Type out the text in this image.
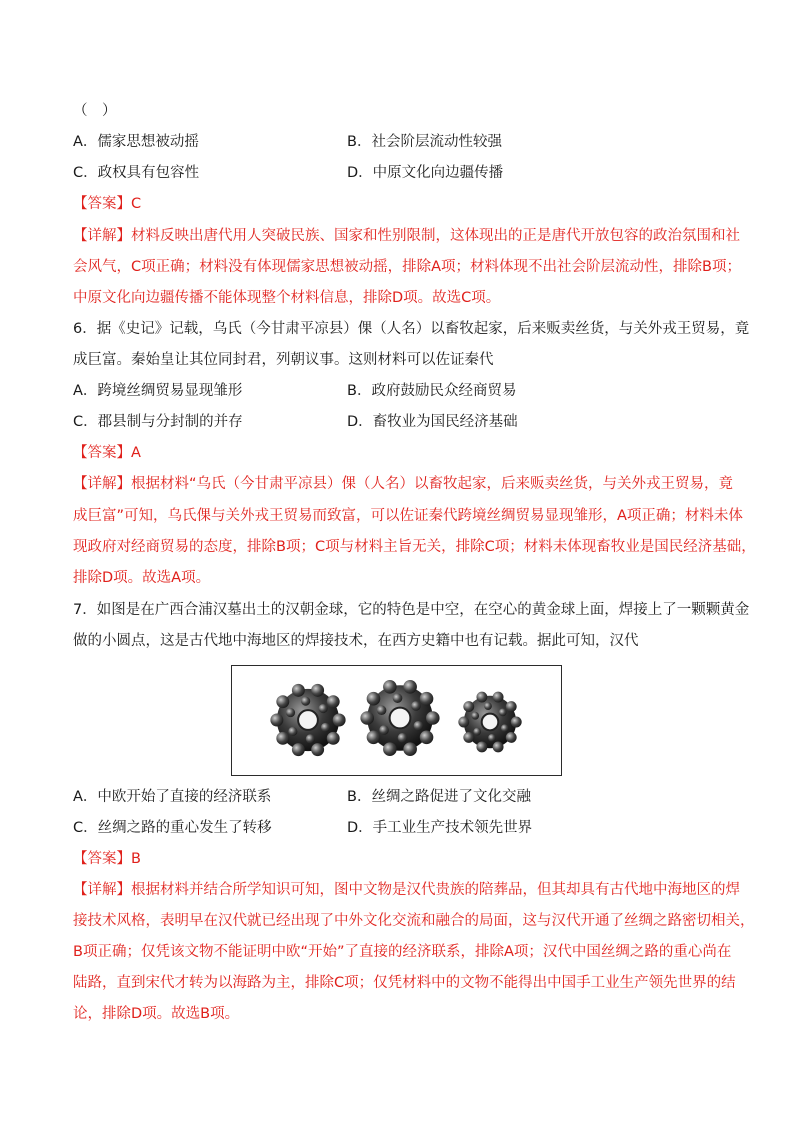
（　）
A．儒家思想被动摇	B．社会阶层流动性较强
C．政权具有包容性	D．中原文化向边疆传播
【答案】C
【详解】材料反映出唐代用人突破民族、国家和性别限制，这体现出的正是唐代开放包容的政治氛围和社
会风气，C项正确；材料没有体现儒家思想被动摇，排除A项；材料体现不出社会阶层流动性，排除B项；
中原文化向边疆传播不能体现整个材料信息，排除D项。故选C项。
6．据《史记》记载，乌氏（今甘肃平凉县）倮（人名）以畜牧起家，后来贩卖丝货，与关外戎王贸易，竟
成巨富。秦始皇让其位同封君，列朝议事。这则材料可以佐证秦代
A．跨境丝绸贸易显现雏形	B．政府鼓励民众经商贸易
C．郡县制与分封制的并存	D．畜牧业为国民经济基础
【答案】A
【详解】根据材料“乌氏（今甘肃平凉县）倮（人名）以畜牧起家，后来贩卖丝货，与关外戎王贸易，竟
成巨富”可知，乌氏倮与关外戎王贸易而致富，可以佐证秦代跨境丝绸贸易显现雏形，A项正确；材料未体
现政府对经商贸易的态度，排除B项；C项与材料主旨无关，排除C项；材料未体现畜牧业是国民经济基础，
排除D项。故选A项。
7．如图是在广西合浦汉墓出土的汉朝金球，它的特色是中空，在空心的黄金球上面，焊接上了一颗颗黄金
做的小圆点，这是古代地中海地区的焊接技术，在西方史籍中也有记载。据此可知，汉代
A．中欧开始了直接的经济联系	B．丝绸之路促进了文化交融
C．丝绸之路的重心发生了转移	D．手工业生产技术领先世界
【答案】B
【详解】根据材料并结合所学知识可知，图中文物是汉代贵族的陪葬品，但其却具有古代地中海地区的焊
接技术风格，表明早在汉代就已经出现了中外文化交流和融合的局面，这与汉代开通了丝绸之路密切相关，
B项正确；仅凭该文物不能证明中欧“开始”了直接的经济联系，排除A项；汉代中国丝绸之路的重心尚在
陆路，直到宋代才转为以海路为主，排除C项；仅凭材料中的文物不能得出中国手工业生产领先世界的结
论，排除D项。故选B项。
